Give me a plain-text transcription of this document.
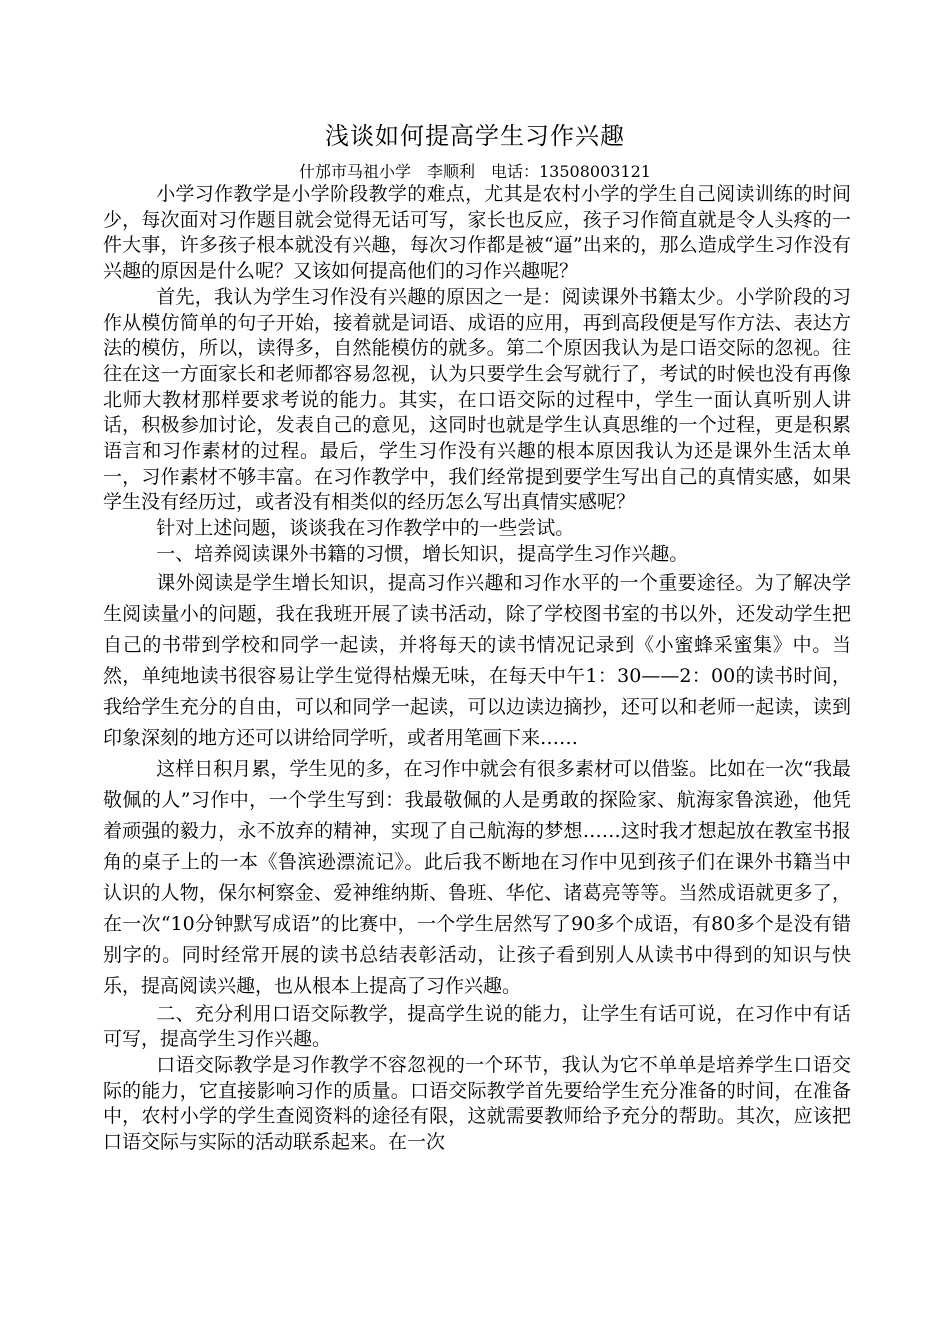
浅谈如何提高学生习作兴趣
什邡市马祖小学　李顺利　电话：13508003121

小学习作教学是小学阶段教学的难点，尤其是农村小学的学生自己阅读训练的时间少，每次面对习作题目就会觉得无话可写，家长也反应，孩子习作简直就是令人头疼的一件大事，许多孩子根本就没有兴趣，每次习作都是被“逼”出来的，那么造成学生习作没有兴趣的原因是什么呢？又该如何提高他们的习作兴趣呢？

首先，我认为学生习作没有兴趣的原因之一是：阅读课外书籍太少。小学阶段的习作从模仿简单的句子开始，接着就是词语、成语的应用，再到高段便是写作方法、表达方法的模仿，所以，读得多，自然能模仿的就多。第二个原因我认为是口语交际的忽视。往往在这一方面家长和老师都容易忽视，认为只要学生会写就行了，考试的时候也没有再像北师大教材那样要求考说的能力。其实，在口语交际的过程中，学生一面认真听别人讲话，积极参加讨论，发表自己的意见，这同时也就是学生认真思维的一个过程，更是积累语言和习作素材的过程。最后，学生习作没有兴趣的根本原因我认为还是课外生活太单一，习作素材不够丰富。在习作教学中，我们经常提到要学生写出自己的真情实感，如果学生没有经历过，或者没有相类似的经历怎么写出真情实感呢？

针对上述问题，谈谈我在习作教学中的一些尝试。

一、培养阅读课外书籍的习惯，增长知识，提高学生习作兴趣。

课外阅读是学生增长知识，提高习作兴趣和习作水平的一个重要途径。为了解决学生阅读量小的问题，我在我班开展了读书活动，除了学校图书室的书以外，还发动学生把自己的书带到学校和同学一起读，并将每天的读书情况记录到《小蜜蜂采蜜集》中。当然，单纯地读书很容易让学生觉得枯燥无味，在每天中午1：30——2：00的读书时间，我给学生充分的自由，可以和同学一起读，可以边读边摘抄，还可以和老师一起读，读到印象深刻的地方还可以讲给同学听，或者用笔画下来……

这样日积月累，学生见的多，在习作中就会有很多素材可以借鉴。比如在一次“我最敬佩的人”习作中，一个学生写到：我最敬佩的人是勇敢的探险家、航海家鲁滨逊，他凭着顽强的毅力，永不放弃的精神，实现了自己航海的梦想……这时我才想起放在教室书报角的桌子上的一本《鲁滨逊漂流记》。此后我不断地在习作中见到孩子们在课外书籍当中认识的人物，保尔柯察金、爱神维纳斯、鲁班、华佗、诸葛亮等等。当然成语就更多了，在一次“10分钟默写成语”的比赛中，一个学生居然写了90多个成语，有80多个是没有错别字的。同时经常开展的读书总结表彰活动，让孩子看到别人从读书中得到的知识与快乐，提高阅读兴趣，也从根本上提高了习作兴趣。

二、充分利用口语交际教学，提高学生说的能力，让学生有话可说，在习作中有话可写，提高学生习作兴趣。

口语交际教学是习作教学不容忽视的一个环节，我认为它不单单是培养学生口语交际的能力，它直接影响习作的质量。口语交际教学首先要给学生充分准备的时间，在准备中，农村小学的学生查阅资料的途径有限，这就需要教师给予充分的帮助。其次，应该把口语交际与实际的活动联系起来。在一次
